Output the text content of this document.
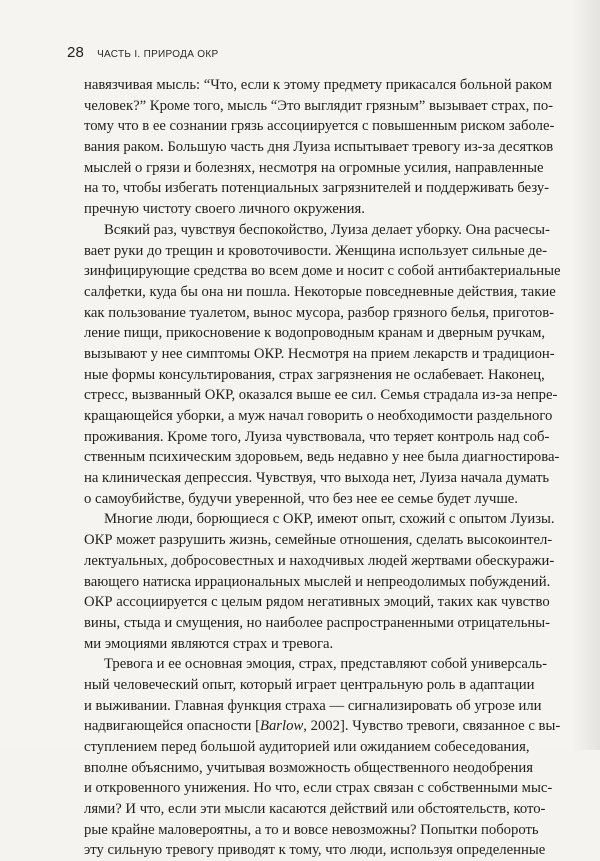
28 ЧАСТЬ I. ПРИРОДА ОКР
навязчивая мысль: “Что, если к этому предмету прикасался больной раком
человек?” Кроме того, мысль “Это выглядит грязным” вызывает страх, по-
тому что в ее сознании грязь ассоциируется с повышенным риском заболе-
вания раком. Большую часть дня Луиза испытывает тревогу из-за десятков
мыслей о грязи и болезнях, несмотря на огромные усилия, направленные
на то, чтобы избегать потенциальных загрязнителей и поддерживать безу-
пречную чистоту своего личного окружения.
Всякий раз, чувствуя беспокойство, Луиза делает уборку. Она расчесы-
вает руки до трещин и кровоточивости. Женщина использует сильные де-
зинфицирующие средства во всем доме и носит с собой антибактериальные
салфетки, куда бы она ни пошла. Некоторые повседневные действия, такие
как пользование туалетом, вынос мусора, разбор грязного белья, приготов-
ление пищи, прикосновение к водопроводным кранам и дверным ручкам,
вызывают у нее симптомы ОКР. Несмотря на прием лекарств и традицион-
ные формы консультирования, страх загрязнения не ослабевает. Наконец,
стресс, вызванный ОКР, оказался выше ее сил. Семья страдала из-за непре-
кращающейся уборки, а муж начал говорить о необходимости раздельного
проживания. Кроме того, Луиза чувствовала, что теряет контроль над соб-
ственным психическим здоровьем, ведь недавно у нее была диагностирова-
на клиническая депрессия. Чувствуя, что выхода нет, Луиза начала думать
о самоубийстве, будучи уверенной, что без нее ее семье будет лучше.
Многие люди, борющиеся с ОКР, имеют опыт, схожий с опытом Луизы.
ОКР может разрушить жизнь, семейные отношения, сделать высокоинтел-
лектуальных, добросовестных и находчивых людей жертвами обескуражи-
вающего натиска иррациональных мыслей и непреодолимых побуждений.
ОКР ассоциируется с целым рядом негативных эмоций, таких как чувство
вины, стыда и смущения, но наиболее распространенными отрицательны-
ми эмоциями являются страх и тревога.
Тревога и ее основная эмоция, страх, представляют собой универсаль-
ный человеческий опыт, который играет центральную роль в адаптации
и выживании. Главная функция страха — сигнализировать об угрозе или
надвигающейся опасности [Barlow, 2002]. Чувство тревоги, связанное с вы-
ступлением перед большой аудиторией или ожиданием собеседования,
вполне объяснимо, учитывая возможность общественного неодобрения
и откровенного унижения. Но что, если страх связан с собственными мыс-
лями? И что, если эти мысли касаются действий или обстоятельств, кото-
рые крайне маловероятны, а то и вовсе невозможны? Попытки побороть
эту сильную тревогу приводят к тому, что люди, используя определенные
